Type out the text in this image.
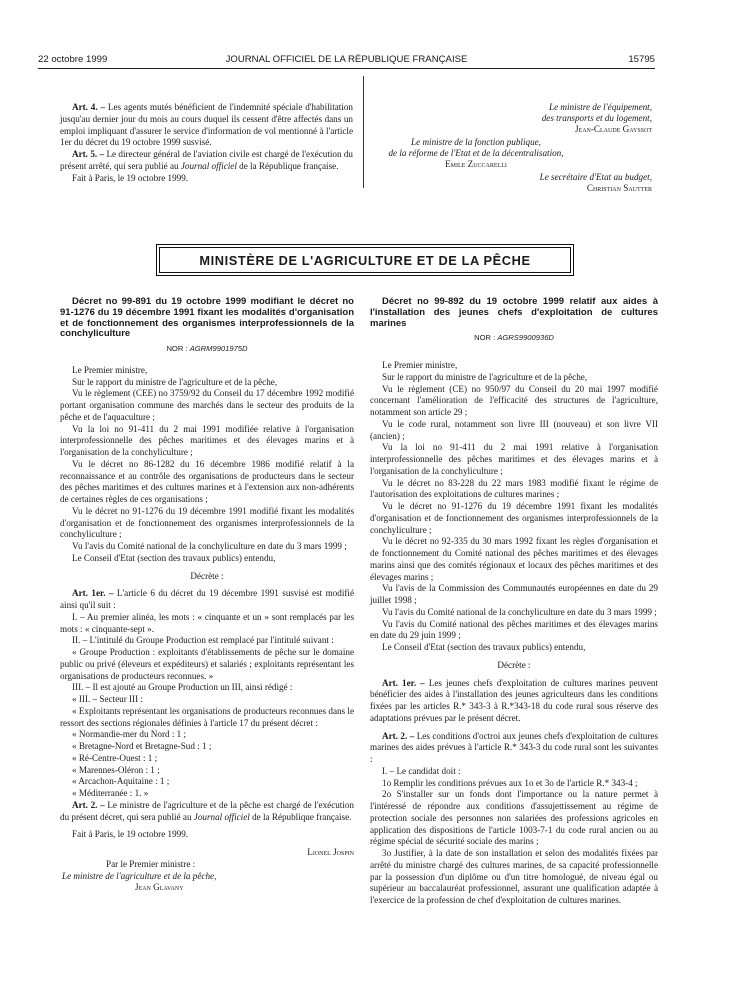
22 octobre 1999	JOURNAL OFFICIEL DE LA RÉPUBLIQUE FRANÇAISE	15795

Art. 4. – Les agents mutés bénéficient de l'indemnité spéciale d'habilitation jusqu'au dernier jour du mois au cours duquel ils cessent d'être affectés dans un emploi impliquant d'assurer le service d'information de vol mentionné à l'article 1er du décret du 19 octobre 1999 susvisé.

Art. 5. – Le directeur général de l'aviation civile est chargé de l'exécution du présent arrêté, qui sera publié au Journal officiel de la République française.

Fait à Paris, le 19 octobre 1999.

Le ministre de l'équipement,
des transports et du logement,
Jean-Claude Gayssot
Le ministre de la fonction publique,
de la réforme de l'Etat et de la décentralisation,
Emile Zuccarelli
Le secrétaire d'Etat au budget,
Christian Sautter
MINISTÈRE DE L'AGRICULTURE ET DE LA PÊCHE

Décret no 99-891 du 19 octobre 1999 modifiant le décret no 91-1276 du 19 décembre 1991 fixant les modalités d'organisation et de fonctionnement des organismes interprofessionnels de la conchyliculture

NOR : AGRM9901975D

Le Premier ministre,

Sur le rapport du ministre de l'agriculture et de la pêche,

Vu le règlement (CEE) no 3759/92 du Conseil du 17 décembre 1992 modifié portant organisation commune des marchés dans le secteur des produits de la pêche et de l'aquaculture ;

Vu la loi no 91-411 du 2 mai 1991 modifiée relative à l'organisation interprofessionnelle des pêches maritimes et des élevages marins et à l'organisation de la conchyliculture ;

Vu le décret no 86-1282 du 16 décembre 1986 modifié relatif à la reconnaissance et au contrôle des organisations de producteurs dans le secteur des pêches maritimes et des cultures marines et à l'extension aux non-adhérents de certaines règles de ces organisations ;

Vu le décret no 91-1276 du 19 décembre 1991 modifié fixant les modalités d'organisation et de fonctionnement des organismes interprofessionnels de la conchyliculture ;

Vu l'avis du Comité national de la conchyliculture en date du 3 mars 1999 ;

Le Conseil d'Etat (section des travaux publics) entendu,

Décrète :

Art. 1er. – L'article 6 du décret du 19 décembre 1991 susvisé est modifié ainsi qu'il suit :

I. – Au premier alinéa, les mots : « cinquante et un » sont remplacés par les mots : « cinquante-sept ».

II. – L'intitulé du Groupe Production est remplacé par l'intitulé suivant :

« Groupe Production : exploitants d'établissements de pêche sur le domaine public ou privé (éleveurs et expéditeurs) et salariés ; exploitants représentant les organisations de producteurs reconnues. »

III. – Il est ajouté au Groupe Production un III, ainsi rédigé :

« III. – Secteur III :

« Exploitants représentant les organisations de producteurs reconnues dans le ressort des sections régionales définies à l'article 17 du présent décret :

« Normandie-mer du Nord : 1 ;

« Bretagne-Nord et Bretagne-Sud : 1 ;

« Ré-Centre-Ouest : 1 ;

« Marennes-Oléron : 1 ;

« Arcachon-Aquitaine : 1 ;

« Méditerranée : 1. »

Art. 2. – Le ministre de l'agriculture et de la pêche est chargé de l'exécution du présent décret, qui sera publié au Journal officiel de la République française.

Fait à Paris, le 19 octobre 1999.

Lionel Jospin
Par le Premier ministre :
Le ministre de l'agriculture et de la pêche,
Jean Glavany

Décret no 99-892 du 19 octobre 1999 relatif aux aides à l'installation des jeunes chefs d'exploitation de cultures marines

NOR : AGRS9900936D

Le Premier ministre,

Sur le rapport du ministre de l'agriculture et de la pêche,

Vu le règlement (CE) no 950/97 du Conseil du 20 mai 1997 modifié concernant l'amélioration de l'efficacité des structures de l'agriculture, notamment son article 29 ;

Vu le code rural, notamment son livre III (nouveau) et son livre VII (ancien) ;

Vu la loi no 91-411 du 2 mai 1991 relative à l'organisation interprofessionnelle des pêches maritimes et des élevages marins et à l'organisation de la conchyliculture ;

Vu le décret no 83-228 du 22 mars 1983 modifié fixant le régime de l'autorisation des exploitations de cultures marines ;

Vu le décret no 91-1276 du 19 décembre 1991 fixant les modalités d'organisation et de fonctionnement des organismes interprofessionnels de la conchyliculture ;

Vu le décret no 92-335 du 30 mars 1992 fixant les règles d'organisation et de fonctionnement du Comité national des pêches maritimes et des élevages marins ainsi que des comités régionaux et locaux des pêches maritimes et des élevages marins ;

Vu l'avis de la Commission des Communautés européennes en date du 29 juillet 1998 ;

Vu l'avis du Comité national de la conchyliculture en date du 3 mars 1999 ;

Vu l'avis du Comité national des pêches maritimes et des élevages marins en date du 29 juin 1999 ;

Le Conseil d'Etat (section des travaux publics) entendu,

Décrète :

Art. 1er. – Les jeunes chefs d'exploitation de cultures marines peuvent bénéficier des aides à l'installation des jeunes agriculteurs dans les conditions fixées par les articles R.* 343-3 à R.*343-18 du code rural sous réserve des adaptations prévues par le présent décret.

Art. 2. – Les conditions d'octroi aux jeunes chefs d'exploitation de cultures marines des aides prévues à l'article R.* 343-3 du code rural sont les suivantes :

I. – Le candidat doit :

1o Remplir les conditions prévues aux 1o et 3o de l'article R.* 343-4 ;

2o S'installer sur un fonds dont l'importance ou la nature permet à l'intéressé de répondre aux conditions d'assujettissement au régime de protection sociale des personnes non salariées des professions agricoles en application des dispositions de l'article 1003-7-1 du code rural ancien ou au régime spécial de sécurité sociale des marins ;

3o Justifier, à la date de son installation et selon des modalités fixées par arrêté du ministre chargé des cultures marines, de sa capacité professionnelle par la possession d'un diplôme ou d'un titre homologué, de niveau égal ou supérieur au baccalauréat professionnel, assurant une qualification adaptée à l'exercice de la profession de chef d'exploitation de cultures marines.
